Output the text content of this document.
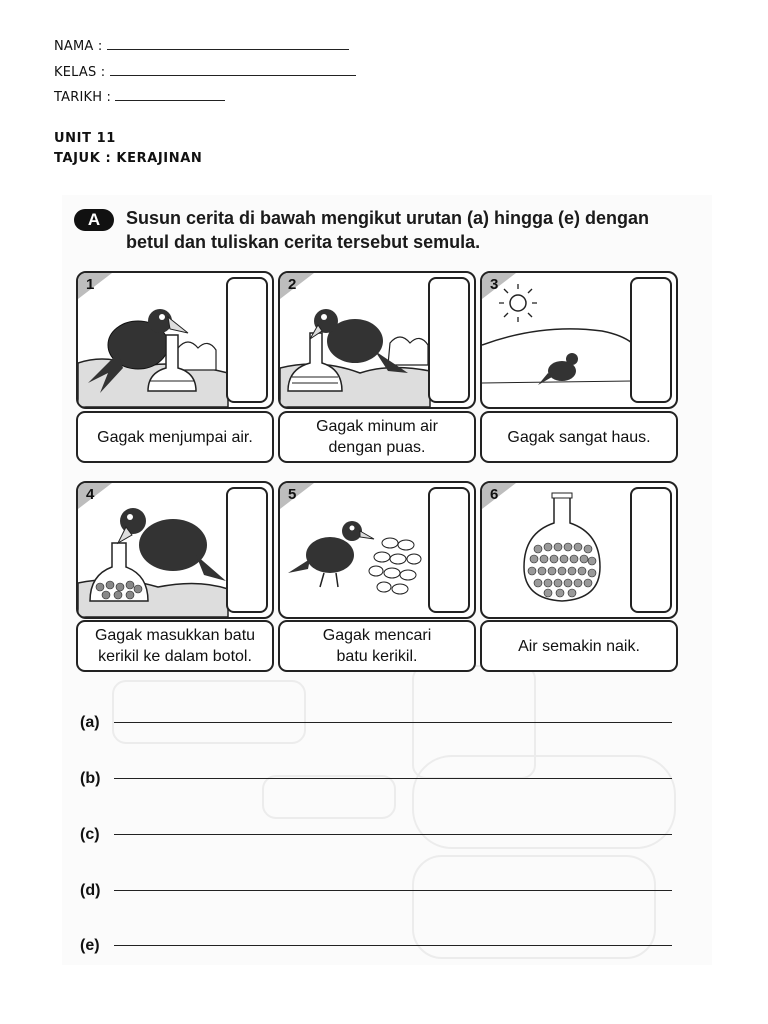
NAMA :
KELAS :
TARIKH :
UNIT 11
TAJUK : KERAJINAN
A	Susun cerita di bawah mengikut urutan (a) hingga (e) dengan
betul dan tuliskan cerita tersebut semula.
1	2	3
4	5	6
Gagak menjumpai air.
Gagak minum air
dengan puas.
Gagak sangat haus.
Gagak masukkan batu
kerikil ke dalam botol.
Gagak mencari
batu kerikil.
Air semakin naik.
(a)
(b)
(c)
(d)
(e)
